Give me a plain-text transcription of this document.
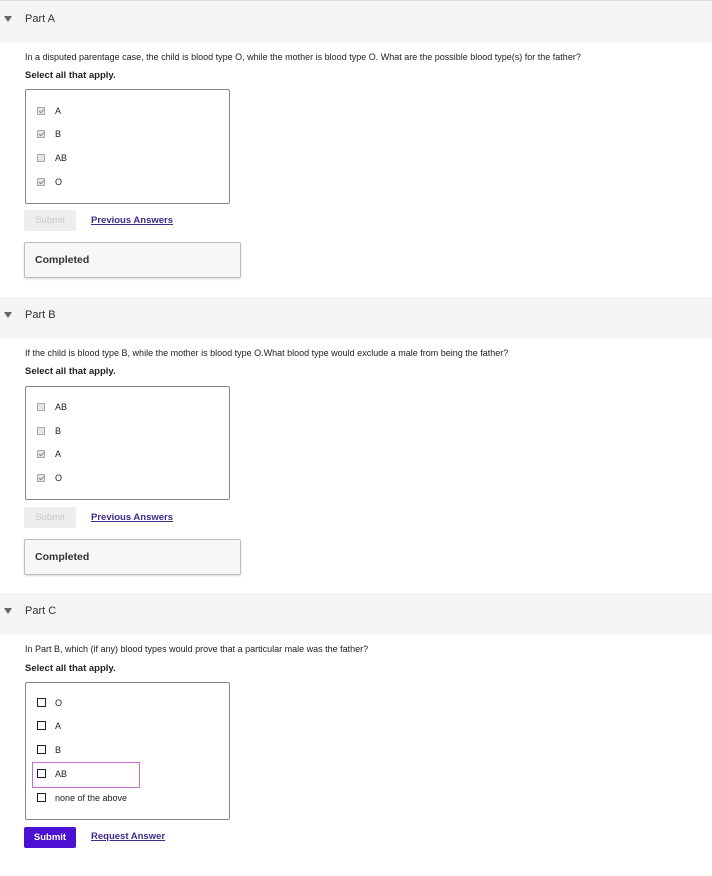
Part A
In a disputed parentage case, the child is blood type O, while the mother is blood type O. What are the possible blood type(s) for the father?
Select all that apply.
A
B
AB
O
Submit	Previous Answers
Completed
Part B
If the child is blood type B, while the mother is blood type O.What blood type would exclude a male from being the father?
Select all that apply.
AB
B
A
O
Submit	Previous Answers
Completed
Part C
In Part B, which (if any) blood types would prove that a particular male was the father?
Select all that apply.
O
A
B
AB
none of the above
Submit	Request Answer
